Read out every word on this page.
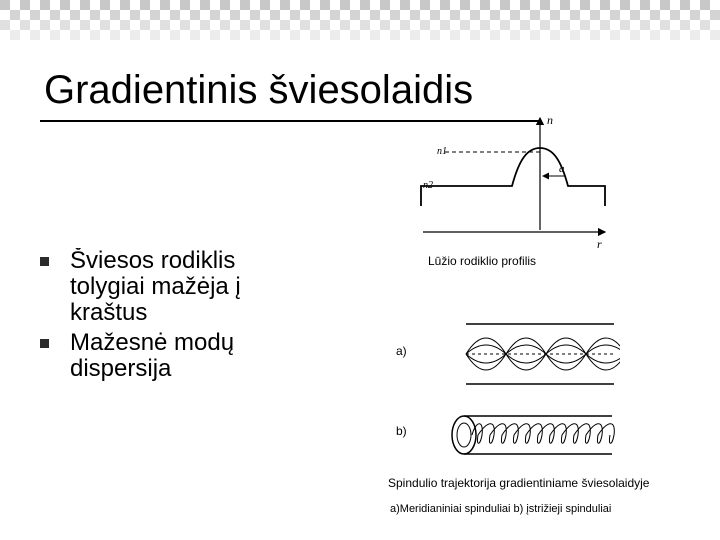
Gradientinis šviesolaidis
Šviesos rodiklis
tolygiai mažėja į
kraštus
Mažesnė modų
dispersija
n
r
n1
n2
a
Lūžio rodiklio profilis
a)
b)
Spindulio trajektorija gradientiniame šviesolaidyje
a)Meridianiniai spinduliai b) įstrižieji spinduliai
